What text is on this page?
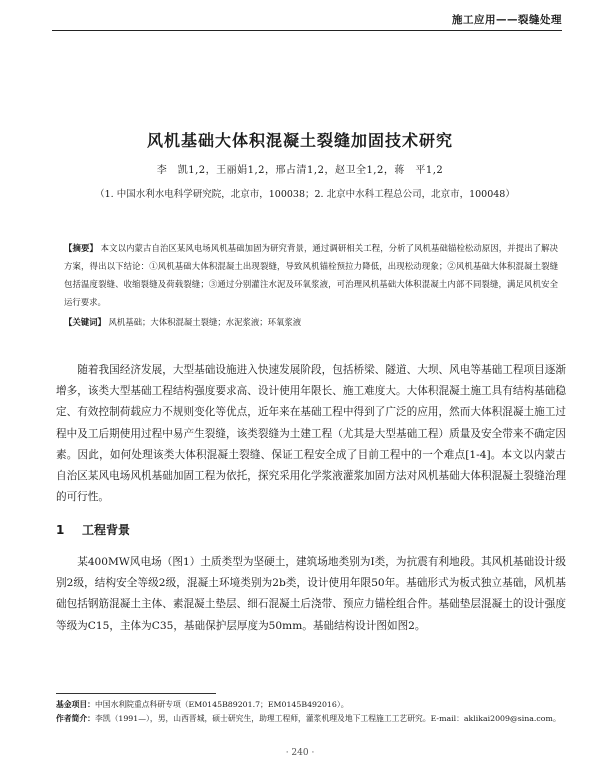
施工应用——裂缝处理
风机基础大体积混凝土裂缝加固技术研究
李　凯1,2，王丽娟1,2，邢占清1,2，赵卫全1,2，蒋　平1,2
（1. 中国水利水电科学研究院，北京市，100038；2. 北京中水科工程总公司，北京市，100048）
【摘要】 本文以内蒙古自治区某风电场风机基础加固为研究背景，通过调研相关工程，分析了风机基础锚栓松动原因，并提出了解决方案，得出以下结论：①风机基础大体积混凝土出现裂缝，导致风机锚栓预拉力降低，出现松动现象；②风机基础大体积混凝土裂缝包括温度裂缝、收缩裂缝及荷载裂缝；③通过分别灌注水泥及环氧浆液，可治理风机基础大体积混凝土内部不同裂缝，满足风机安全运行要求。
【关键词】 风机基础；大体积混凝土裂缝；水泥浆液；环氧浆液
随着我国经济发展，大型基础设施进入快速发展阶段，包括桥梁、隧道、大坝、风电等基础工程项目逐渐增多，该类大型基础工程结构强度要求高、设计使用年限长、施工难度大。大体积混凝土施工具有结构基础稳定、有效控制荷载应力不规则变化等优点，近年来在基础工程中得到了广泛的应用，然而大体积混凝土施工过程中及工后期使用过程中易产生裂缝，该类裂缝为土建工程（尤其是大型基础工程）质量及安全带来不确定因素。因此，如何处理该类大体积混凝土裂缝、保证工程安全成了目前工程中的一个难点[1-4]。本文以内蒙古自治区某风电场风机基础加固工程为依托，探究采用化学浆液灌浆加固方法对风机基础大体积混凝土裂缝治理的可行性。
1 工程背景
某400MW风电场（图1）土质类型为坚硬土，建筑场地类别为Ⅰ类，为抗震有利地段。其风机基础设计级别2级，结构安全等级2级，混凝土环境类别为2b类，设计使用年限50年。基础形式为板式独立基础，风机基础包括钢筋混凝土主体、素混凝土垫层、细石混凝土后浇带、预应力锚栓组合件。基础垫层混凝土的设计强度等级为C15，主体为C35，基础保护层厚度为50mm。基础结构设计图如图2。
基金项目：中国水利院重点科研专项（EM0145B89201.7；EM0145B492016）。
作者简介：李凯（1991—），男，山西晋城，硕士研究生，助理工程师，灌浆机理及地下工程施工工艺研究。E-mail：aklikai2009@sina.com。
· 240 ·
